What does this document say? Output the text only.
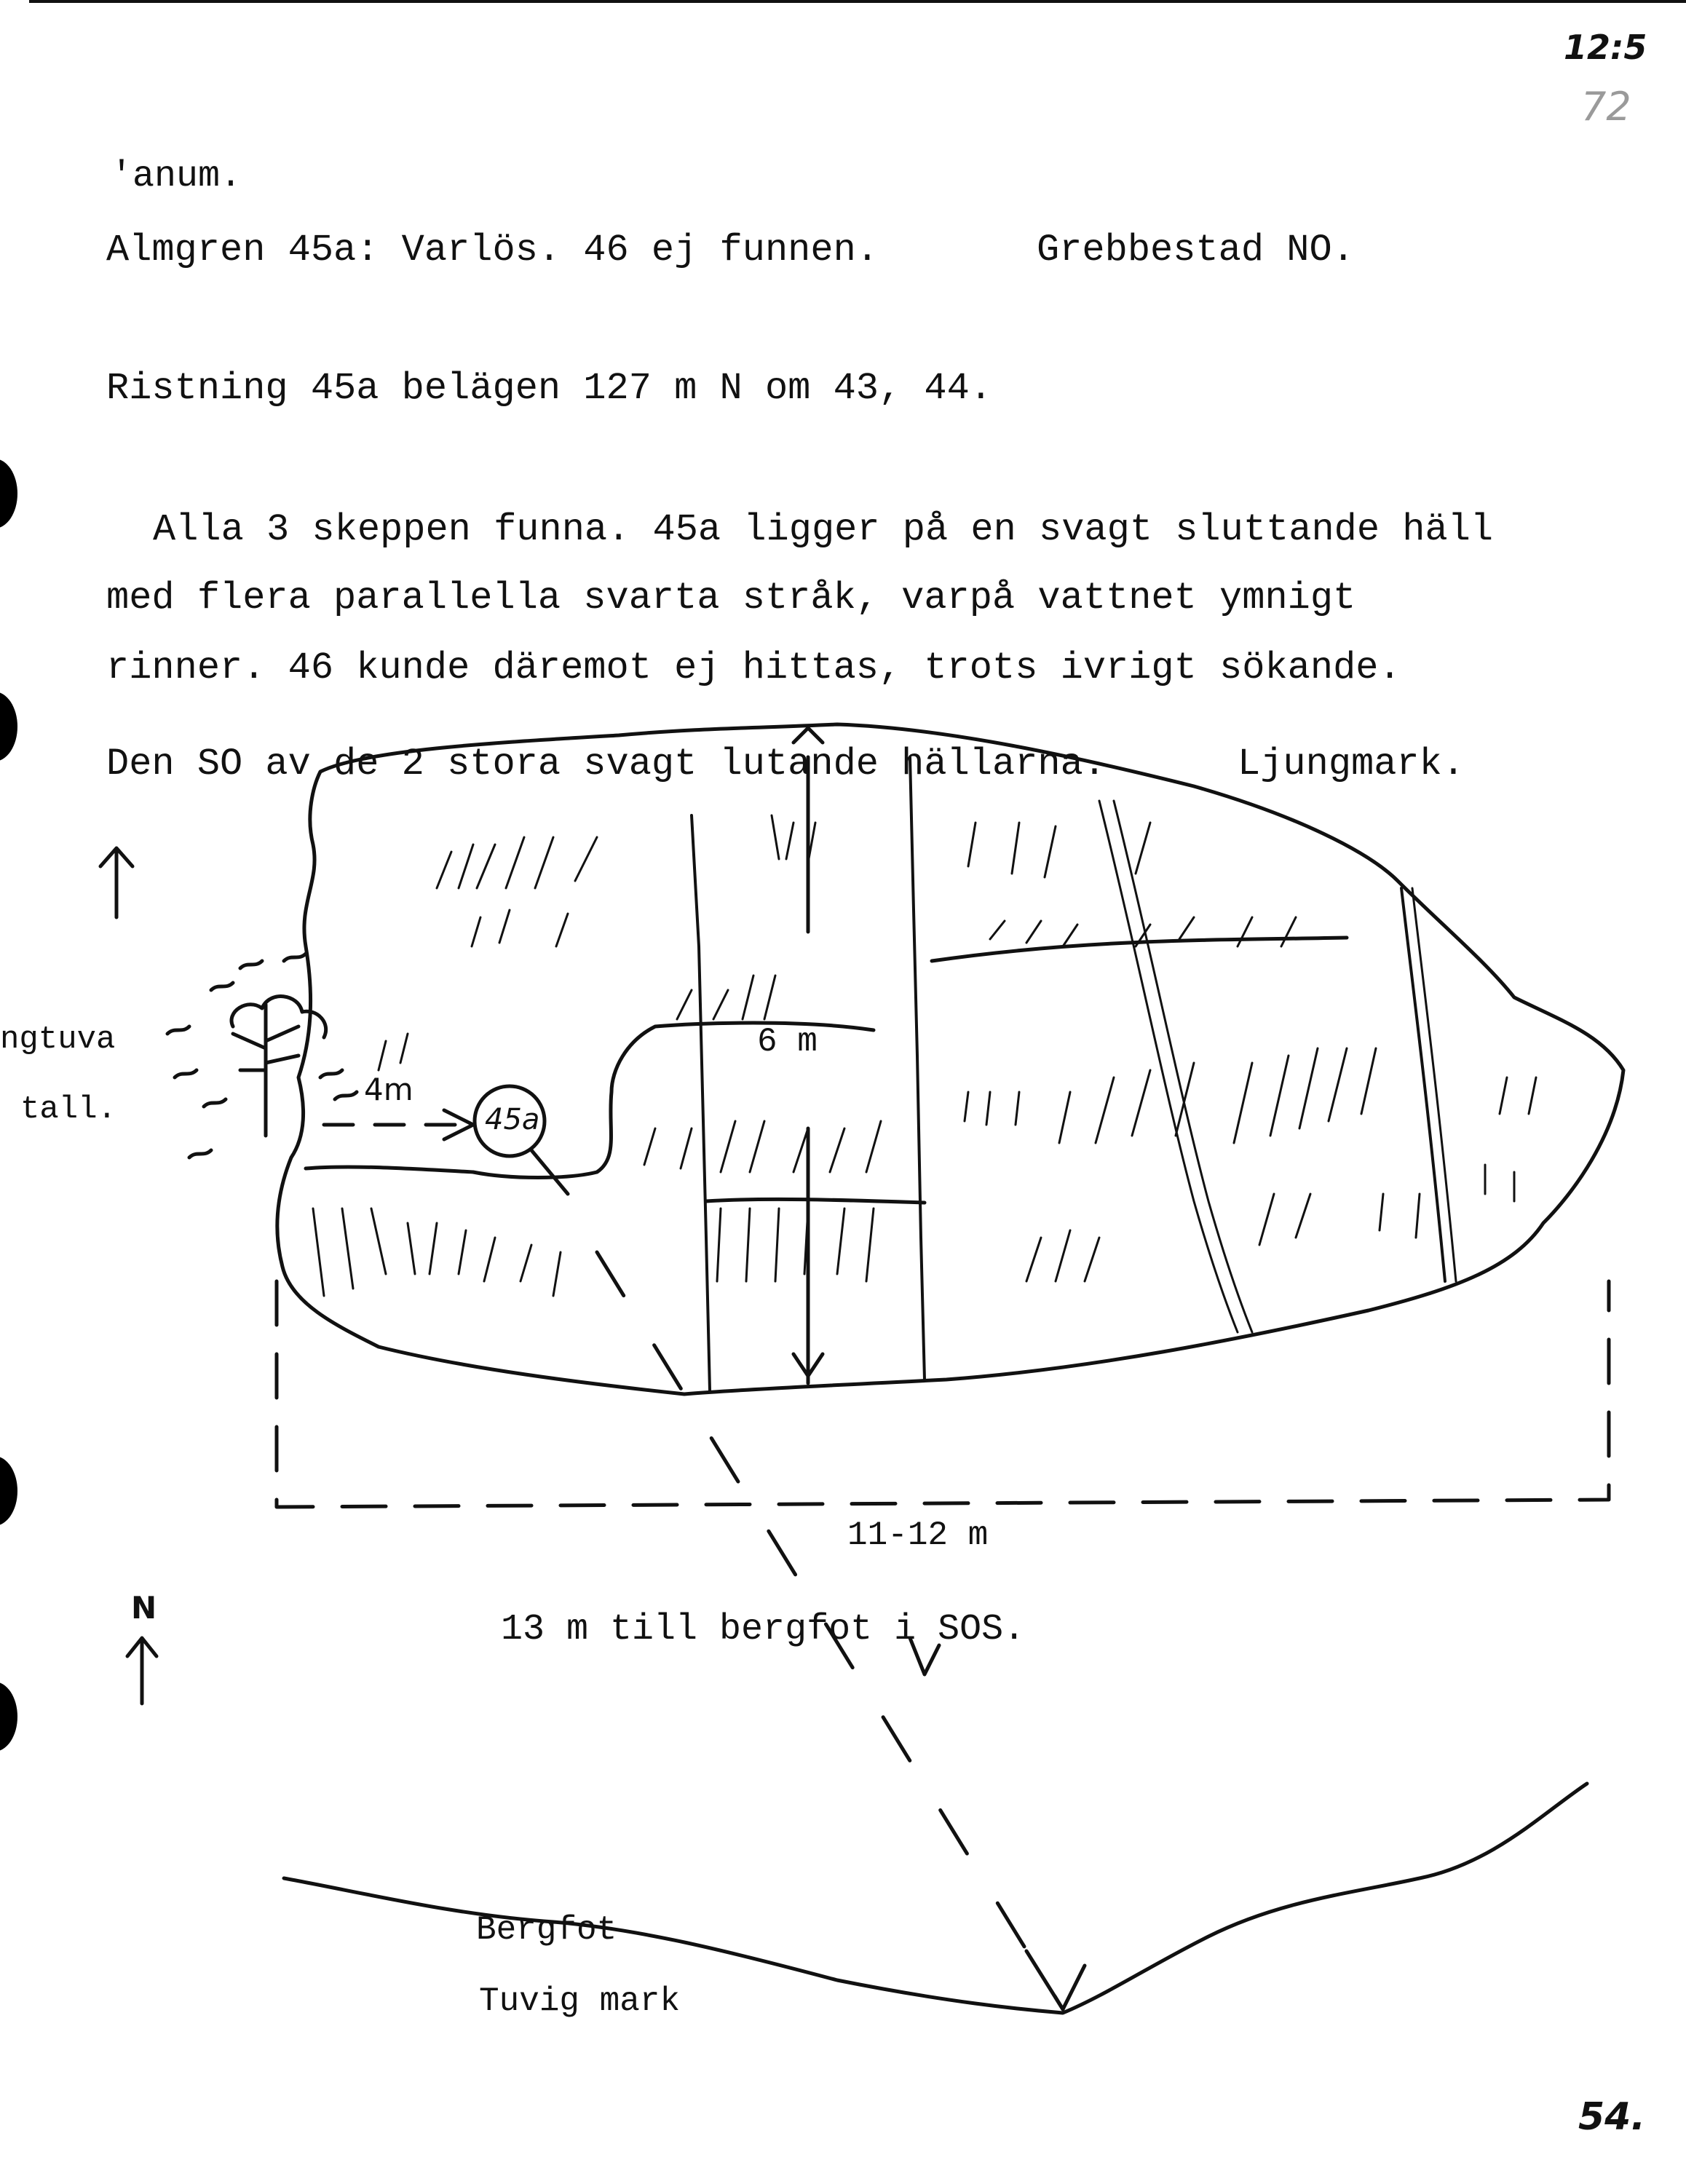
12:5
72
54.
'anum.
Almgren 45a: Varlös. 46 ej funnen.	Grebbestad NO.
Ristning 45a belägen 127 m N om 43, 44.
Alla 3 skeppen funna. 45a ligger på en svagt sluttande häll
med flera parallella svarta stråk, varpå vattnet ymnigt
rinner. 46 kunde däremot ej hittas, trots ivrigt sökande.
Den SO av de 2 stora svagt lutande hällarna.	Ljungmark.
ngtuva
tall.
4m
45a
6 m
11-12 m
13 m till bergfot i SOS.
N
Bergfot
Tuvig mark
